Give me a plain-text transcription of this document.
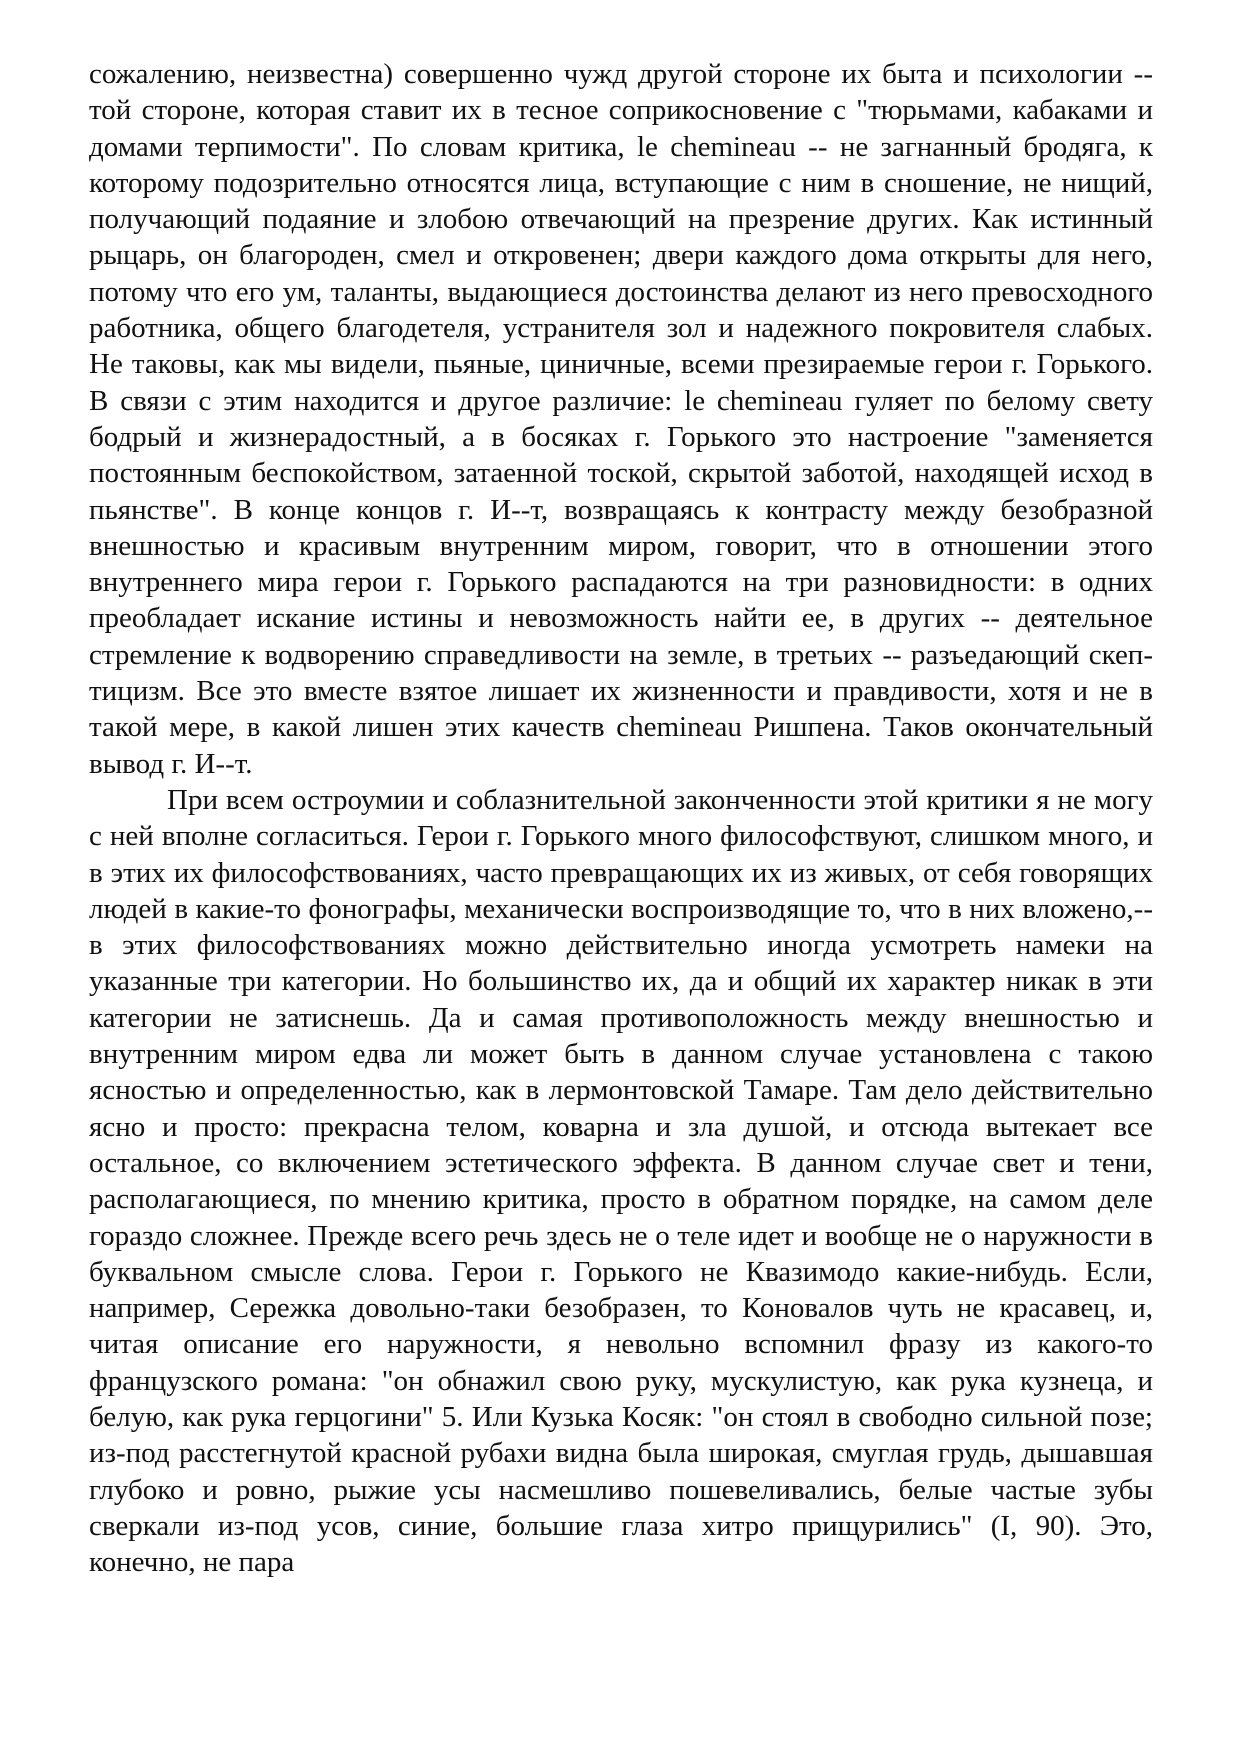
сожалению, неизвестна) совершенно чужд другой стороне их быта и психологии -- той стороне, которая ставит их в тесное соприкосновение с "тюрьмами, кабаками и домами терпимости". По словам критика, le chemineau -- не загнанный бродяга, к которому подозрительно относятся лица, вступающие с ним в сношение, не нищий, получающий подаяние и злобою отвечающий на презрение других. Как истинный рыцарь, он благороден, смел и откровенен; двери каждого дома открыты для него, потому что его ум, таланты, выдающиеся достоинства делают из него превосходного работника, общего благодетеля, устранителя зол и надежного покровителя слабых. Не таковы, как мы видели, пьяные, циничные, всеми презираемые герои г. Горького. В связи с этим находится и другое различие: le chemineau гуляет по белому свету бодрый и жизнерадостный, а в босяках г. Горького это настроение "заменяется постоянным беспокойством, затаенной тоской, скрытой заботой, находящей исход в пьянстве". В конце концов г. И--т, возвращаясь к контрасту между безобразной внешностью и красивым внутренним миром, говорит, что в отношении этого внутреннего мира герои г. Горького распадаются на три разновидности: в одних преобладает искание истины и невозможность найти ее, в других -- деятельное стремление к водворению справедливости на земле, в третьих -- разъедающий скеп-тицизм. Все это вместе взятое лишает их жизненности и правдивости, хотя и не в такой мере, в какой лишен этих качеств chemineau Ришпена. Таков окончательный вывод г. И--т.

При всем остроумии и соблазнительной законченности этой критики я не могу с ней вполне согласиться. Герои г. Горького много философствуют, слишком много, и в этих их философствованиях, часто превращающих их из живых, от себя говорящих людей в какие-то фонографы, механически воспроизводящие то, что в них вложено,-- в этих философствованиях можно действительно иногда усмотреть намеки на указанные три категории. Но большинство их, да и общий их характер никак в эти категории не затиснешь. Да и самая противоположность между внешностью и внутренним миром едва ли может быть в данном случае установлена с такою ясностью и определенностью, как в лермонтовской Тамаре. Там дело действительно ясно и просто: прекрасна телом, коварна и зла душой, и отсюда вытекает все остальное, со включением эстетического эффекта. В данном случае свет и тени, располагающиеся, по мнению критика, просто в обратном порядке, на самом деле гораздо сложнее. Прежде всего речь здесь не о теле идет и вообще не о наружности в буквальном смысле слова. Герои г. Горького не Квазимодо какие-нибудь. Если, например, Сережка довольно-таки безобразен, то Коновалов чуть не красавец, и, читая описание его наружности, я невольно вспомнил фразу из какого-то французского романа: "он обнажил свою руку, мускулистую, как рука кузнеца, и белую, как рука герцогини" 5. Или Кузька Косяк: "он стоял в свободно сильной позе; из-под расстегнутой красной рубахи видна была широкая, смуглая грудь, дышавшая глубоко и ровно, рыжие усы насмешливо пошевеливались, белые частые зубы сверкали из-под усов, синие, большие глаза хитро прищурились" (I, 90). Это, конечно, не пара
